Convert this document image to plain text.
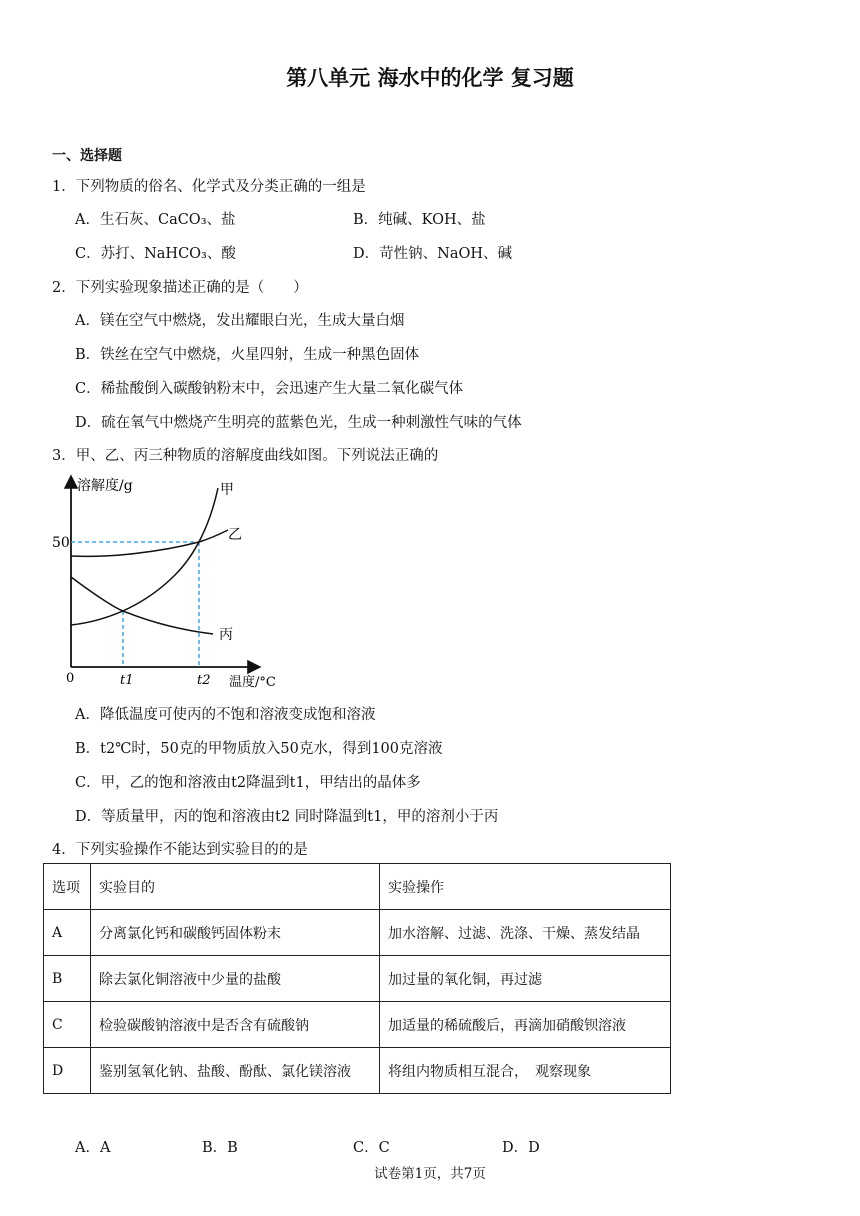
第八单元 海水中的化学 复习题
一、选择题
1．下列物质的俗名、化学式及分类正确的一组是
A．生石灰、CaCO₃、盐	B．纯碱、KOH、盐
C．苏打、NaHCO₃、酸	D．苛性钠、NaOH、碱
2．下列实验现象描述正确的是（　　）
A．镁在空气中燃烧，发出耀眼白光，生成大量白烟
B．铁丝在空气中燃烧，火星四射，生成一种黑色固体
C．稀盐酸倒入碳酸钠粉末中，会迅速产生大量二氧化碳气体
D．硫在氧气中燃烧产生明亮的蓝紫色光，生成一种刺激性气味的气体
3．甲、乙、丙三种物质的溶解度曲线如图。下列说法正确的
溶解度/g
50
0	t1	t2 温度/°C
甲
乙
丙
A．降低温度可使丙的不饱和溶液变成饱和溶液
B．t2℃时，50克的甲物质放入50克水，得到100克溶液
C．甲，乙的饱和溶液由t2降温到t1，甲结出的晶体多
D．等质量甲，丙的饱和溶液由t2 同时降温到t1，甲的溶剂小于丙
4．下列实验操作不能达到实验目的的是
选项	实验目的	实验操作
A	分离氯化钙和碳酸钙固体粉末	加水溶解、过滤、洗涤、干燥、蒸发结晶
B	除去氯化铜溶液中少量的盐酸	加过量的氧化铜，再过滤
C	检验碳酸钠溶液中是否含有硫酸钠	加适量的稀硫酸后，再滴加硝酸钡溶液
D	鉴别氢氧化钠、盐酸、酚酞、氯化镁溶液	将组内物质相互混合，　观察现象
A．A	B．B	C．C	D．D
试卷第1页，共7页
